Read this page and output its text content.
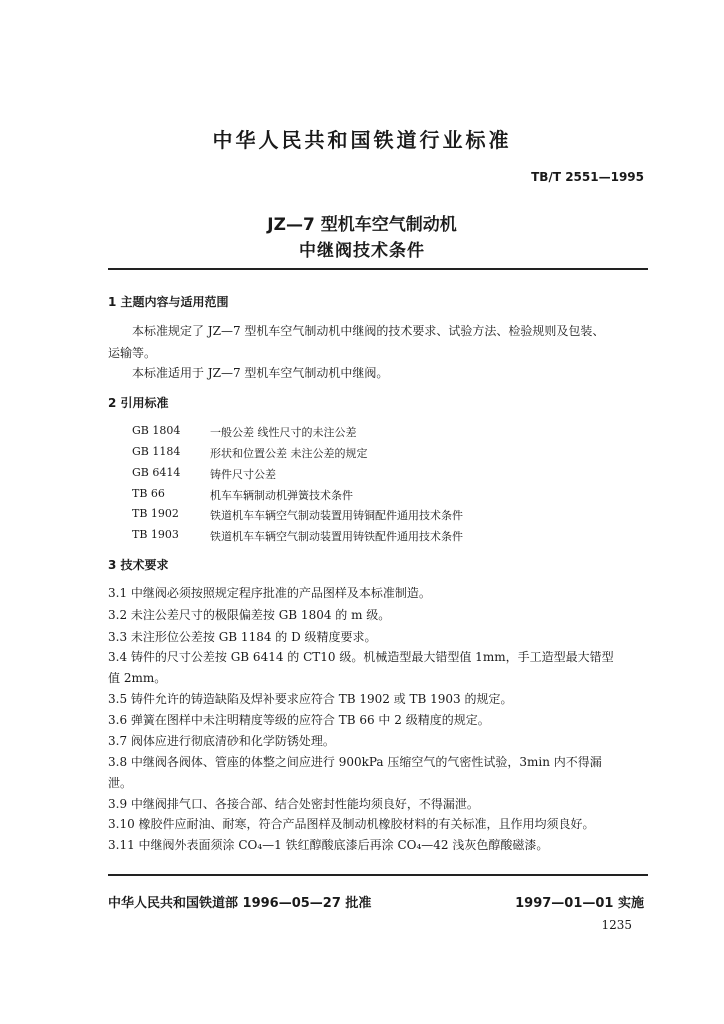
中华人民共和国铁道行业标准
TB/T 2551—1995
JZ—7 型机车空气制动机
中继阀技术条件
1 主题内容与适用范围
本标准规定了 JZ—7 型机车空气制动机中继阀的技术要求、试验方法、检验规则及包装、
运输等。
本标准适用于 JZ—7 型机车空气制动机中继阀。
2 引用标准
GB 1804	一般公差 线性尺寸的未注公差
GB 1184	形状和位置公差 未注公差的规定
GB 6414	铸件尺寸公差
TB 66	机车车辆制动机弹簧技术条件
TB 1902	铁道机车车辆空气制动装置用铸铜配件通用技术条件
TB 1903	铁道机车车辆空气制动装置用铸铁配件通用技术条件
3 技术要求
3.1 中继阀必须按照规定程序批准的产品图样及本标准制造。
3.2 未注公差尺寸的极限偏差按 GB 1804 的 m 级。
3.3 未注形位公差按 GB 1184 的 D 级精度要求。
3.4 铸件的尺寸公差按 GB 6414 的 CT10 级。机械造型最大错型值 1mm，手工造型最大错型
值 2mm。
3.5 铸件允许的铸造缺陷及焊补要求应符合 TB 1902 或 TB 1903 的规定。
3.6 弹簧在图样中未注明精度等级的应符合 TB 66 中 2 级精度的规定。
3.7 阀体应进行彻底清砂和化学防锈处理。
3.8 中继阀各阀体、管座的体整之间应进行 900kPa 压缩空气的气密性试验，3min 内不得漏
泄。
3.9 中继阀排气口、各接合部、结合处密封性能均须良好，不得漏泄。
3.10 橡胶件应耐油、耐寒，符合产品图样及制动机橡胶材料的有关标准，且作用均须良好。
3.11 中继阀外表面须涂 CO₄—1 铁红醇酸底漆后再涂 CO₄—42 浅灰色醇酸磁漆。
中华人民共和国铁道部 1996—05—27 批准	1997—01—01 实施
1235
